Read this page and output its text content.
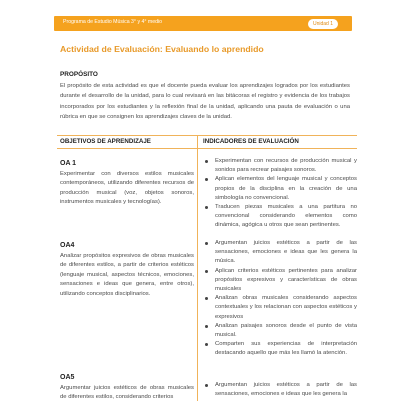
Programa de Estudio Música 3° y 4° medio	Unidad 1
Actividad de Evaluación: Evaluando lo aprendido
PROPÓSITO
El propósito de esta actividad es que el docente pueda evaluar los aprendizajes logrados por los estudiantes durante el desarrollo de la unidad, para lo cual revisará en las bitácoras el registro y evidencia de los trabajos incorporados por los estudiantes y la reflexión final de la unidad, aplicando una pauta de evaluación o una rúbrica en que se consignen los aprendizajes claves de la unidad.
OBJETIVOS DE APRENDIZAJE	INDICADORES DE EVALUACIÓN
OA 1
Experimentar con diversos estilos musicales contemporáneos, utilizando diferentes recursos de producción musical (voz, objetos sonoros, instrumentos musicales y tecnologías).
Experimentan con recursos de producción musical y sonidos para recrear paisajes sonoros.
Aplican elementos del lenguaje musical y conceptos propios de la disciplina en la creación de una simbología no convencional.
Traducen piezas musicales a una partitura no convencional considerando elementos como dinámica, agógica u otros que sean pertinentes.
OA4
Analizar propósitos expresivos de obras musicales de diferentes estilos, a partir de criterios estéticos (lenguaje musical, aspectos técnicos, emociones, sensaciones e ideas que genera, entre otros), utilizando conceptos disciplinarios.
Argumentan juicios estéticos a partir de las sensaciones, emociones e ideas que les genera la música.
Aplican criterios estéticos pertinentes para analizar propósitos expresivos y características de obras musicales
Analizan obras musicales considerando aspectos contextuales y los relacionan con aspectos estéticos y expresivos
Analizan paisajes sonoros desde el punto de vista musical.
Comparten sus experiencias de interpretación destacando aquello que más les llamó la atención.
OA5
Argumentar juicios estéticos de obras musicales de diferentes estilos, considerando criterios
Argumentan juicios estéticos a partir de las sensaciones, emociones e ideas que les genera la
